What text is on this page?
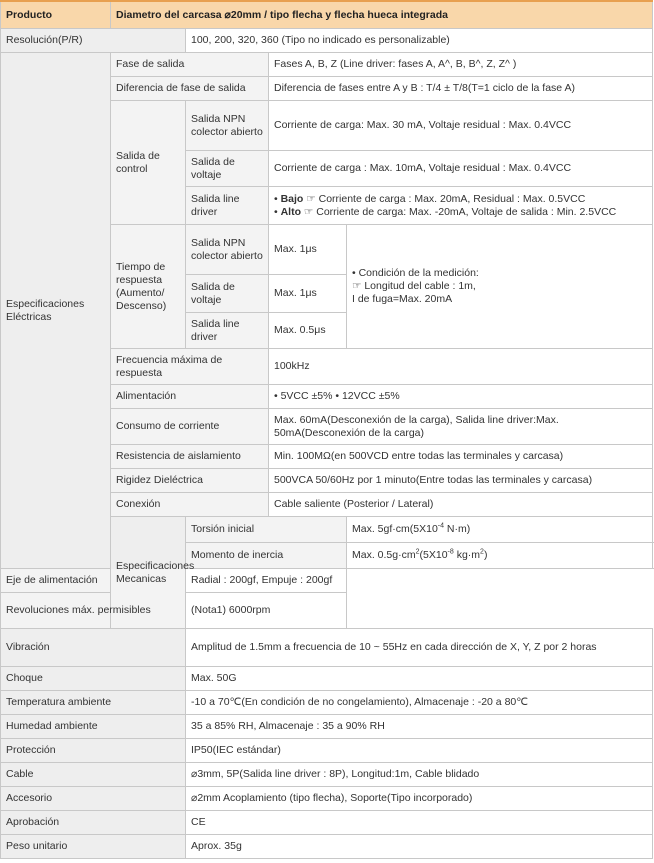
Producto	Diametro del carcasa ⌀20mm / tipo flecha y flecha hueca integrada			
Resolución(P/R)		100, 200, 320, 360 (Tipo no indicado es personalizable)		
Especificaciones Eléctricas	Fase de salida		Fases A, B, Z (Line driver: fases A, A^, B, B^, Z, Z^ )	
	Diferencia de fase de salida		Diferencia de fases entre A y B : T/4 ± T/8(T=1 ciclo de la fase A)	
	Salida de control	Salida NPN colector abierto	Corriente de carga: Max. 30 mA, Voltaje residual : Max. 0.4VCC	
		Salida de voltaje	Corriente de carga : Max. 10mA, Voltaje residual : Max. 0.4VCC	
		Salida line driver	• Bajo ☞ Corriente de carga : Max. 20mA, Residual : Max. 0.5VCC
• Alto ☞ Corriente de carga: Max. -20mA, Voltaje de salida : Min. 2.5VCC	

	Tiempo de respuesta (Aumento/ Descenso)	Salida NPN colector abierto	Max. 1μs	• Condición de la medición:
☞ Longitud del cable : 1m,
I de fuga=Max. 20mA

		Salida de voltaje	Max. 1μs	
		Salida line driver	Max. 0.5μs	
	Frecuencia máxima de respuesta		100kHz	
	Alimentación		• 5VCC ±5% • 12VCC ±5%	
	Consumo de corriente		Max. 60mA(Desconexión de la carga), Salida line driver:Max. 50mA(Desconexión de la carga)	
	Resistencia de aislamiento		Min. 100MΩ(en 500VCD entre todas las terminales y carcasa)	
	Rigidez Dieléctrica		500VCA 50/60Hz por 1 minuto(Entre todas las terminales y carcasa)	
	Conexión		Cable saliente (Posterior / Lateral)	
	Especificaciones Mecanicas	Torsión inicial		Max. $5gf\cdot cm(5X10^{-4}$ N·m)
		Momento de inercia		Max. $0.5g\cdot cm^2(5X10^{-8}$ $kg\cdot m^2$)
Eje de alimentación		Radial : 200gf, Empuje : 200gf		
Revoluciones máx. permisibles		(Nota1) 6000rpm		
Vibración		Amplitud de 1.5mm a frecuencia de 10 ~ 55Hz en cada dirección de X, Y, Z por 2 horas		
Choque		Max. 50G		
Temperatura ambiente		-10 a 70℃(En condición de no congelamiento), Almacenaje : -20 a 80℃		
Humedad ambiente		35 a 85% RH, Almacenaje : 35 a 90% RH		
Protección		IP50(IEC estándar)		
Cable		⌀3mm, 5P(Salida line driver : 8P), Longitud:1m, Cable blidado		
Accesorio		⌀2mm Acoplamiento (tipo flecha), Soporte(Tipo incorporado)		
Aprobación		CE		
Peso unitario		Aprox. 35g		
